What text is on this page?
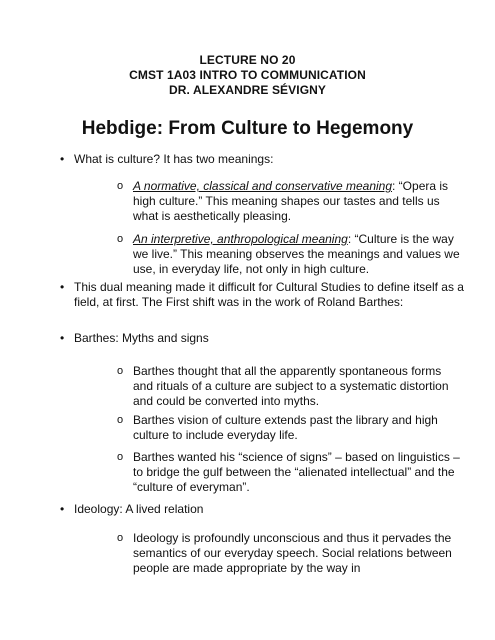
LECTURE NO 20
CMST 1A03 INTRO TO COMMUNICATION
DR. ALEXANDRE SÉVIGNY
Hebdige: From Culture to Hegemony
• What is culture? It has two meanings:
o A normative, classical and conservative meaning: “Opera is high culture.” This meaning shapes our tastes and tells us what is aesthetically pleasing.
o An interpretive, anthropological meaning: “Culture is the way we live.” This meaning observes the meanings and values we use, in everyday life, not only in high culture.
• This dual meaning made it difficult for Cultural Studies to define itself as a field, at first. The First shift was in the work of Roland Barthes:
• Barthes: Myths and signs
o Barthes thought that all the apparently spontaneous forms and rituals of a culture are subject to a systematic distortion and could be converted into myths.
o Barthes vision of culture extends past the library and high culture to include everyday life.
o Barthes wanted his “science of signs” – based on linguistics – to bridge the gulf between the “alienated intellectual” and the “culture of everyman”.
• Ideology: A lived relation
o Ideology is profoundly unconscious and thus it pervades the semantics of our everyday speech. Social relations between people are made appropriate by the way in
